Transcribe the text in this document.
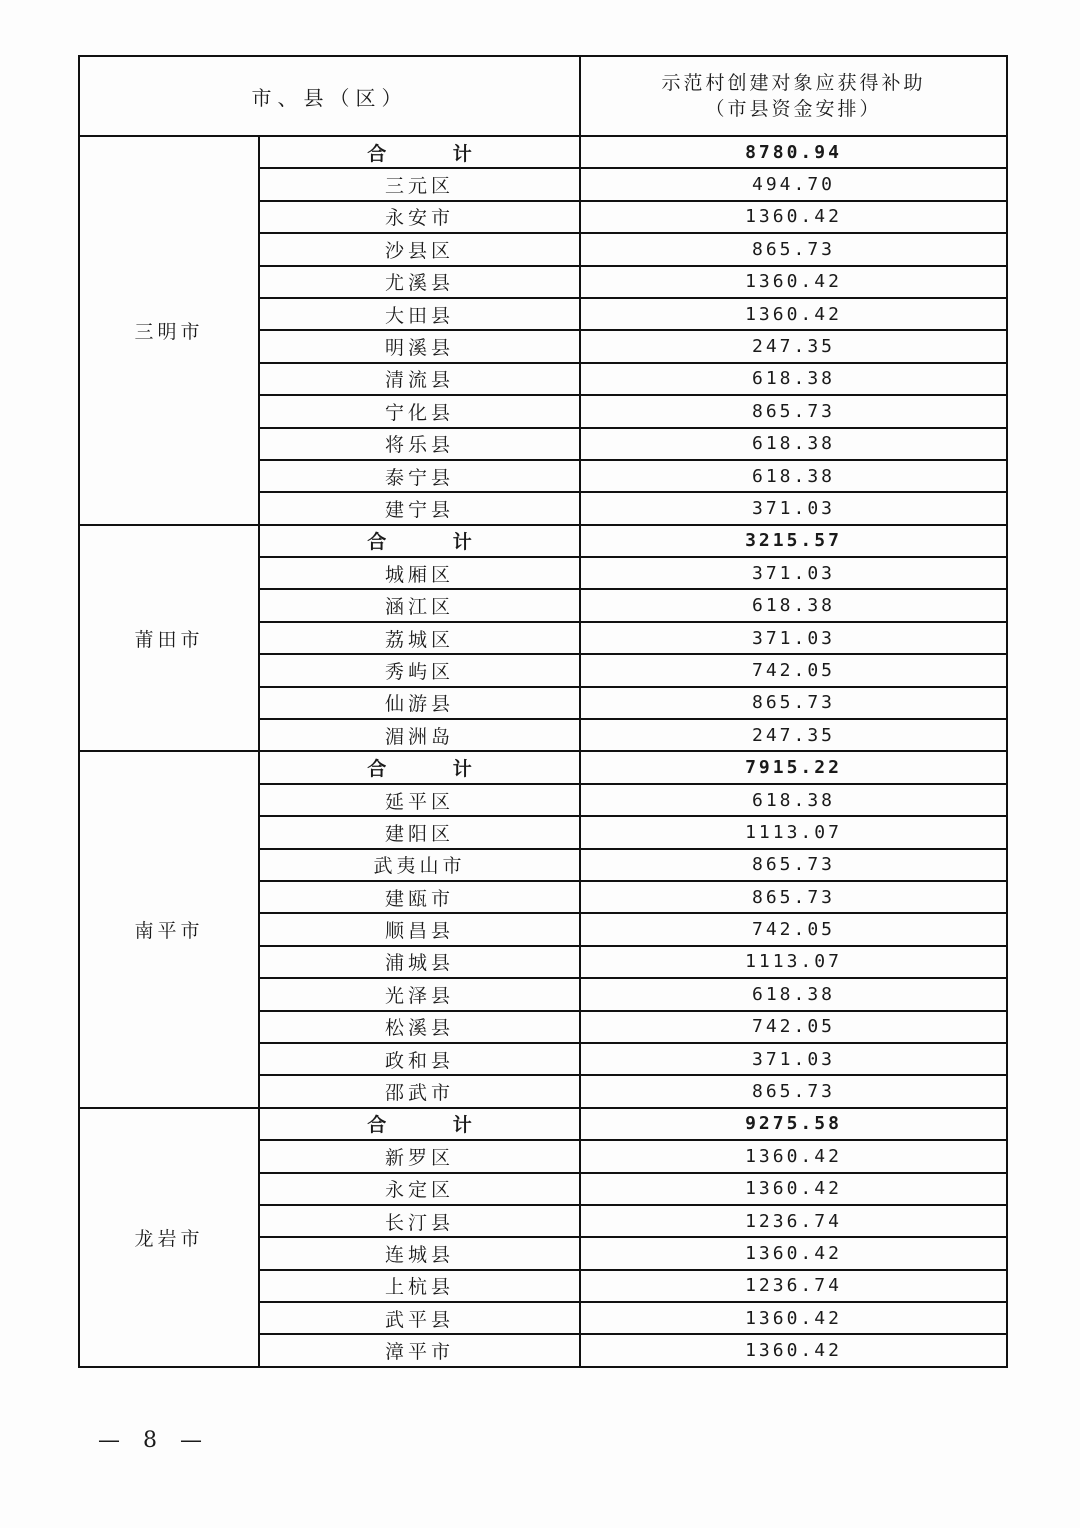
市、县（区）		示范村创建对象应获得补助
（市县资金安排）

三明市	合 计	8780.94
	三元区	494.70
	永安市	1360.42
	沙县区	865.73
	尤溪县	1360.42
	大田县	1360.42
	明溪县	247.35
	清流县	618.38
	宁化县	865.73
	将乐县	618.38
	泰宁县	618.38
	建宁县	371.03
莆田市	合 计	3215.57
	城厢区	371.03
	涵江区	618.38
	荔城区	371.03
	秀屿区	742.05
	仙游县	865.73
	湄洲岛	247.35
南平市	合 计	7915.22
	延平区	618.38
	建阳区	1113.07
	武夷山市	865.73
	建瓯市	865.73
	顺昌县	742.05
	浦城县	1113.07
	光泽县	618.38
	松溪县	742.05
	政和县	371.03
	邵武市	865.73
龙岩市	合 计	9275.58
	新罗区	1360.42
	永定区	1360.42
	长汀县	1236.74
	连城县	1360.42
	上杭县	1236.74
	武平县	1360.42
	漳平市	1360.42
— 8 —
